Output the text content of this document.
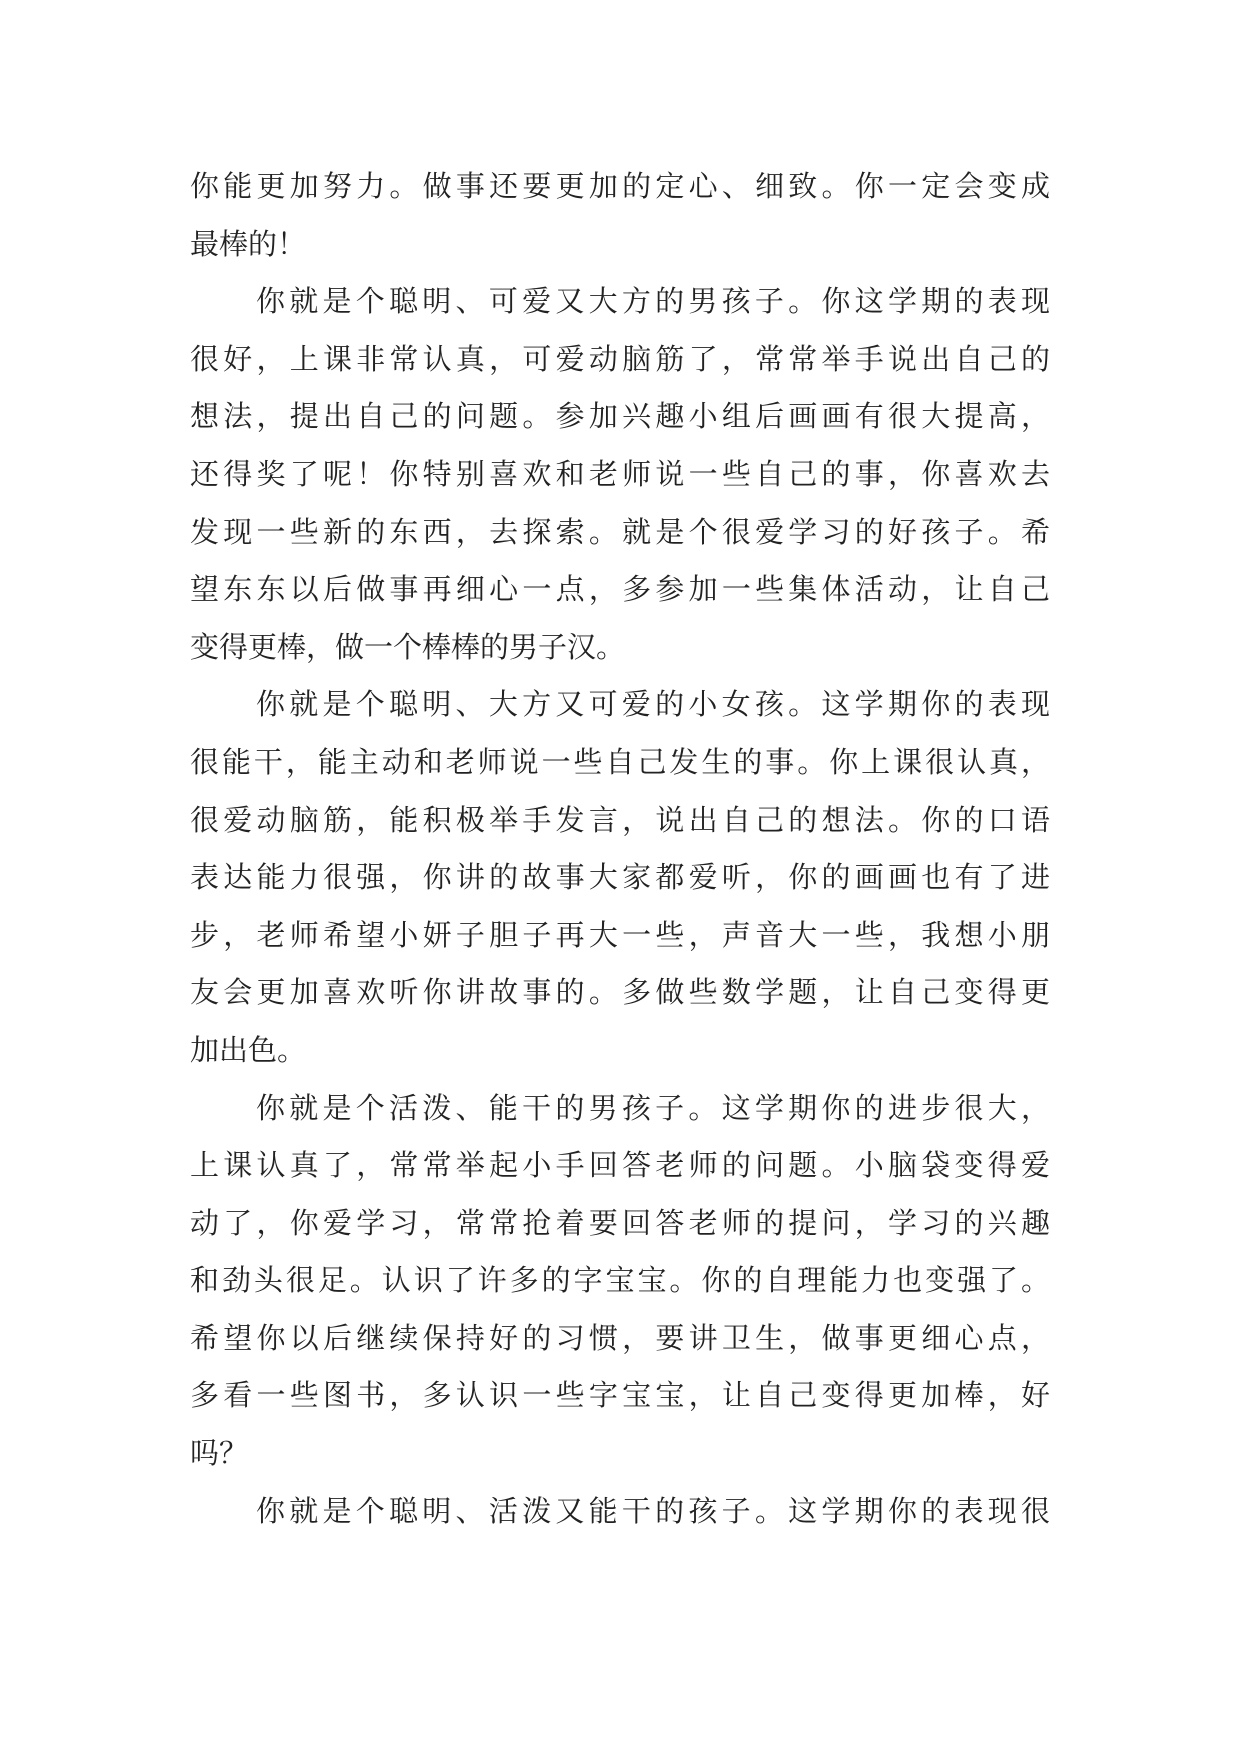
你能更加努力。做事还要更加的定心、细致。你一定会变成
最棒的！
你就是个聪明、可爱又大方的男孩子。你这学期的表现
很好，上课非常认真，可爱动脑筋了，常常举手说出自己的
想法，提出自己的问题。参加兴趣小组后画画有很大提高，
还得奖了呢！你特别喜欢和老师说一些自己的事，你喜欢去
发现一些新的东西，去探索。就是个很爱学习的好孩子。希
望东东以后做事再细心一点，多参加一些集体活动，让自己
变得更棒，做一个棒棒的男子汉。
你就是个聪明、大方又可爱的小女孩。这学期你的表现
很能干，能主动和老师说一些自己发生的事。你上课很认真，
很爱动脑筋，能积极举手发言，说出自己的想法。你的口语
表达能力很强，你讲的故事大家都爱听，你的画画也有了进
步，老师希望小妍子胆子再大一些，声音大一些，我想小朋
友会更加喜欢听你讲故事的。多做些数学题，让自己变得更
加出色。
你就是个活泼、能干的男孩子。这学期你的进步很大，
上课认真了，常常举起小手回答老师的问题。小脑袋变得爱
动了，你爱学习，常常抢着要回答老师的提问，学习的兴趣
和劲头很足。认识了许多的字宝宝。你的自理能力也变强了。
希望你以后继续保持好的习惯，要讲卫生，做事更细心点，
多看一些图书，多认识一些字宝宝，让自己变得更加棒，好
吗？
你就是个聪明、活泼又能干的孩子。这学期你的表现很
